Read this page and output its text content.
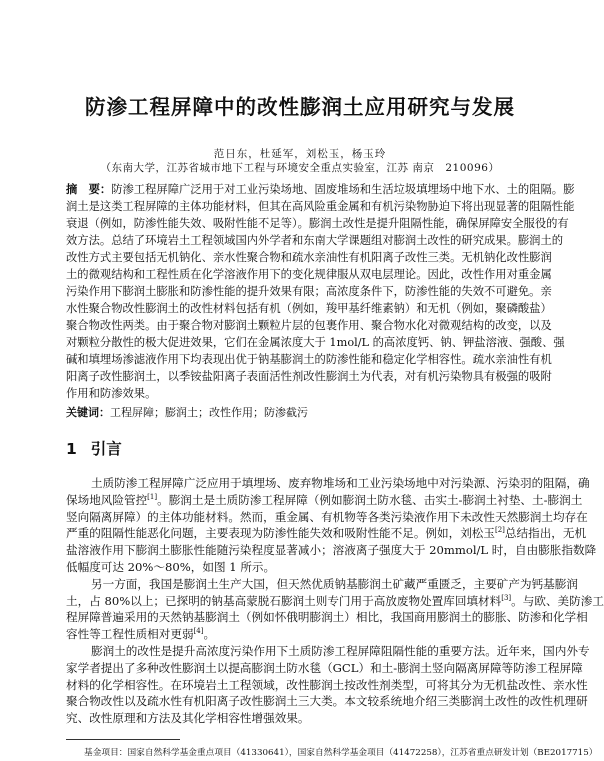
防渗工程屏障中的改性膨润土应用研究与发展
范日东，杜延军，刘松玉，杨玉玲
（东南大学，江苏省城市地下工程与环境安全重点实验室，江苏 南京　210096）
摘　要：防渗工程屏障广泛用于对工业污染场地、固废堆场和生活垃圾填埋场中地下水、土的阻隔。膨
润土是这类工程屏障的主体功能材料，但其在高风险重金属和有机污染物胁迫下将出现显著的阻隔性能
衰退（例如，防渗性能失效、吸附性能不足等）。膨润土改性是提升阻隔性能，确保屏障安全服役的有
效方法。总结了环境岩土工程领域国内外学者和东南大学课题组对膨润土改性的研究成果。膨润土的
改性方式主要包括无机钠化、亲水性聚合物和疏水亲油性有机阳离子改性三类。无机钠化改性膨润
土的微观结构和工程性质在化学溶液作用下的变化规律服从双电层理论。因此，改性作用对重金属
污染作用下膨润土膨胀和防渗性能的提升效果有限；高浓度条件下，防渗性能的失效不可避免。亲
水性聚合物改性膨润土的改性材料包括有机（例如，羧甲基纤维素钠）和无机（例如，聚磷酸盐）
聚合物改性两类。由于聚合物对膨润土颗粒片层的包裹作用、聚合物水化对微观结构的改变，以及
对颗粒分散性的极大促进效果，它们在金属浓度大于 1mol/L 的高浓度钙、钠、钾盐溶液、强酸、强
碱和填埋场渗滤液作用下均表现出优于钠基膨润土的防渗性能和稳定化学相容性。疏水亲油性有机
阳离子改性膨润土，以季铵盐阳离子表面活性剂改性膨润土为代表，对有机污染物具有极强的吸附
作用和防渗效果。
关键词：工程屏障；膨润土；改性作用；防渗截污
1 引言
土质防渗工程屏障广泛应用于填埋场、废弃物堆场和工业污染场地中对污染源、污染羽的阻隔，确
保场地风险管控[1]。膨润土是土质防渗工程屏障（例如膨润土防水毯、击实土-膨润土衬垫、土-膨润土
竖向隔离屏障）的主体功能材料。然而，重金属、有机物等各类污染液作用下未改性天然膨润土均存在
严重的阻隔性能恶化问题，主要表现为防渗性能失效和吸附性能不足。例如，刘松玉[2]总结指出，无机
盐溶液作用下膨润土膨胀性能随污染程度显著减小；溶液离子强度大于 20mmol/L 时，自由膨胀指数降
低幅度可达 20%～80%，如图 1 所示。
另一方面，我国是膨润土生产大国，但天然优质钠基膨润土矿藏严重匮乏，主要矿产为钙基膨润
土，占 80%以上；已探明的钠基高蒙脱石膨润土则专门用于高放废物处置库回填材料[3]。与欧、美防渗工
程屏障普遍采用的天然钠基膨润土（例如怀俄明膨润土）相比，我国商用膨润土的膨胀、防渗和化学相
容性等工程性质相对更弱[4]。
膨润土的改性是提升高浓度污染作用下土质防渗工程屏障阻隔性能的重要方法。近年来，国内外专
家学者提出了多种改性膨润土以提高膨润土防水毯（GCL）和土-膨润土竖向隔离屏障等防渗工程屏障
材料的化学相容性。在环境岩土工程领域，改性膨润土按改性剂类型，可将其分为无机盐改性、亲水性
聚合物改性以及疏水性有机阳离子改性膨润土三大类。本文较系统地介绍三类膨润土改性的改性机理研
究、改性原理和方法及其化学相容性增强效果。
基金项目：国家自然科学基金重点项目（41330641），国家自然科学基金项目（41472258），江苏省重点研发计划（BE2017715）
